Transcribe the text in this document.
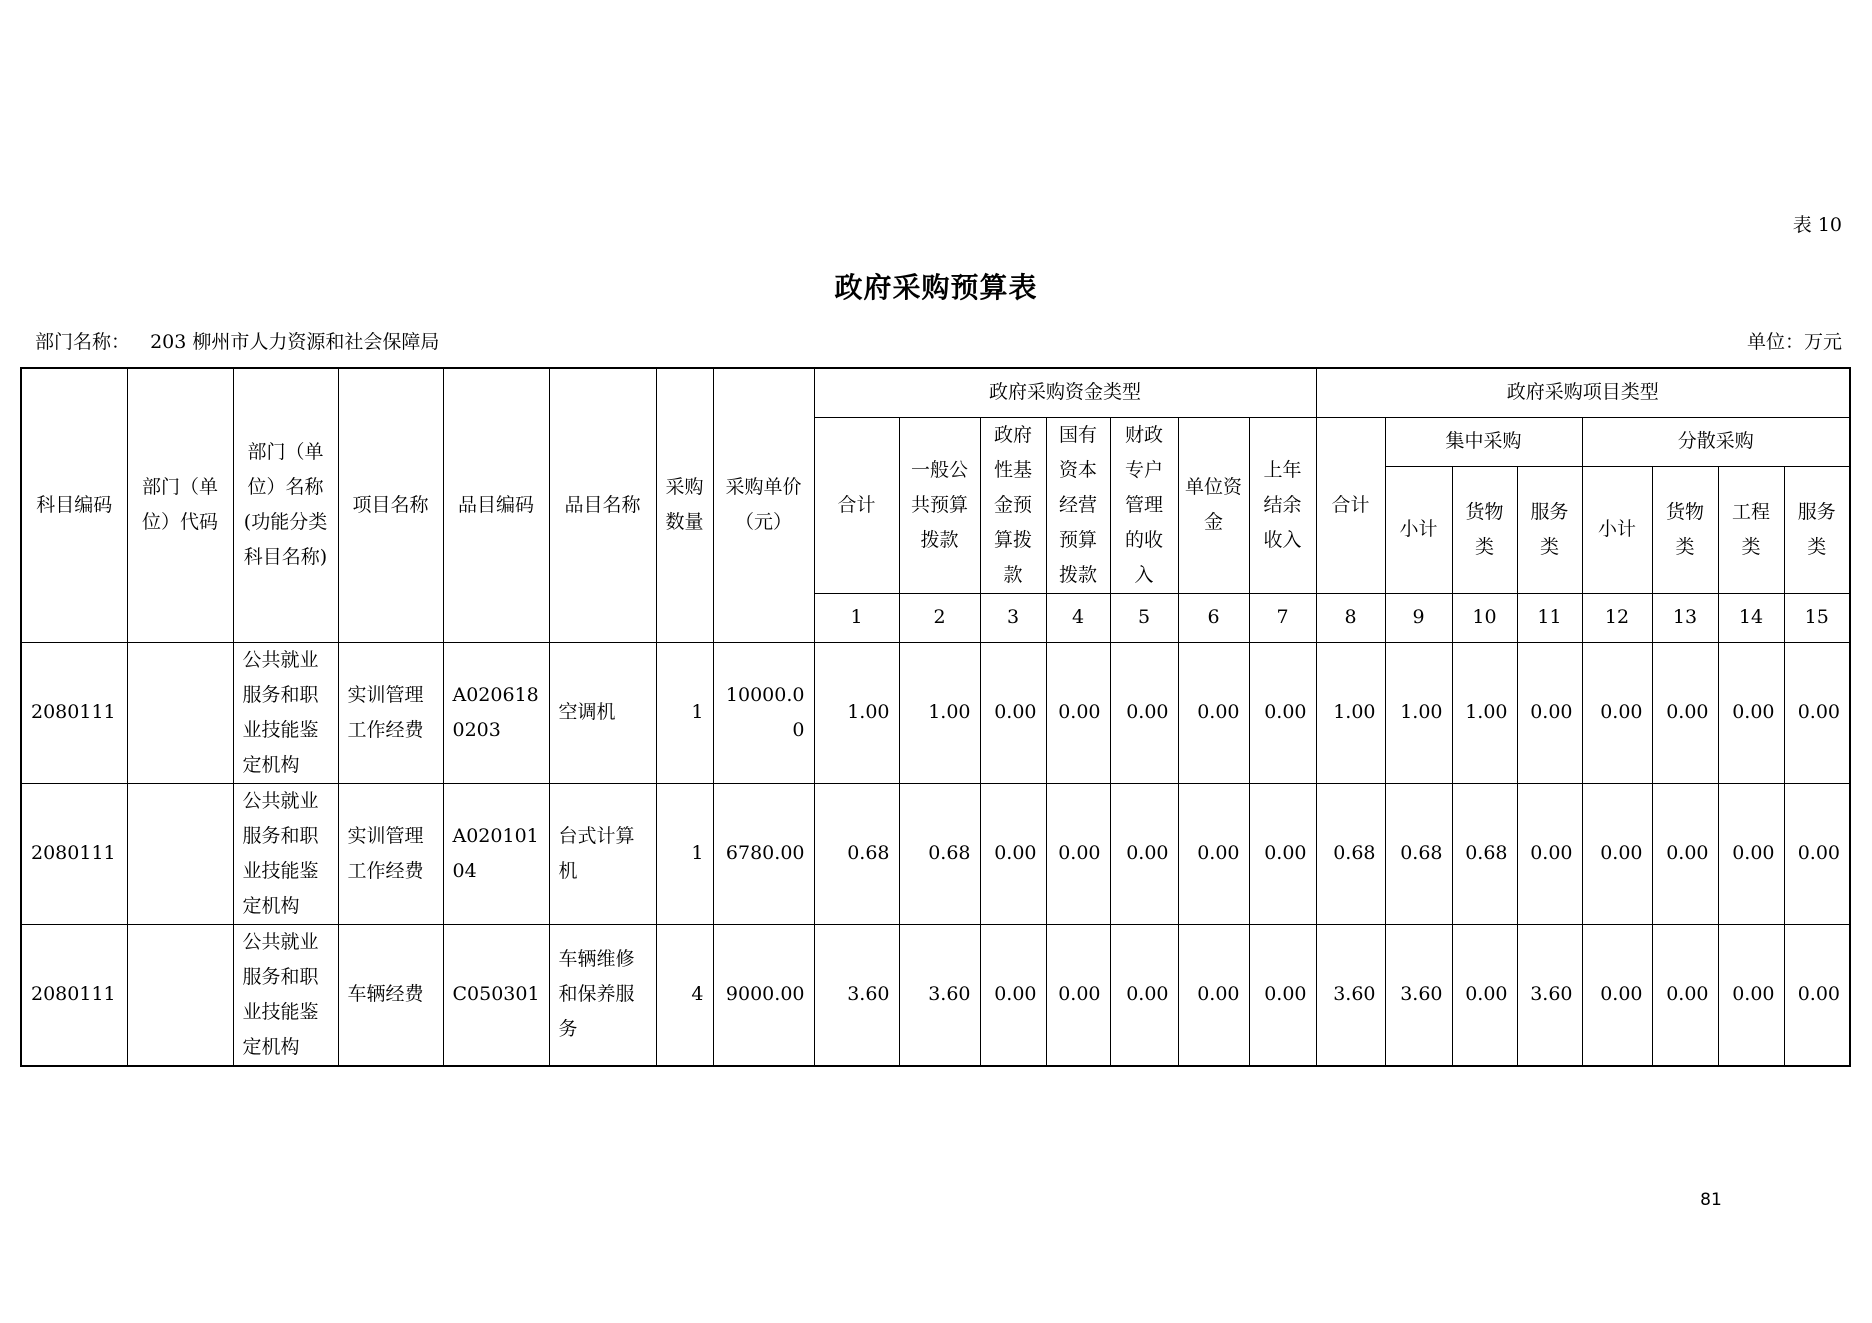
表 10
政府采购预算表
部门名称： 203 柳州市人力资源和社会保障局	单位：万元
科目编码	部门（单位）代码	部门（单位）名称(功能分类科目名称)	项目名称	品目编码	品目名称	采购数量	采购单价（元）	政府采购资金类型							政府采购项目类型							
								合计	一般公共预算拨款	政府性基金预算拨款	国有资本经营预算拨款	财政专户管理的收入	单位资金	上年结余收入	合计	集中采购			分散采购			
																小计	货物类	服务类	小计	货物类	工程类	服务类
								1	2	3	4	5	6	7	8	9	10	11	12	13	14	15
2080111		公共就业服务和职业技能鉴定机构	实训管理工作经费	A0206180203	空调机	1	10000.00	1.00	1.00	0.00	0.00	0.00	0.00	0.00	1.00	1.00	1.00	0.00	0.00	0.00	0.00	0.00
2080111		公共就业服务和职业技能鉴定机构	实训管理工作经费	A02010104	台式计算机	1	6780.00	0.68	0.68	0.00	0.00	0.00	0.00	0.00	0.68	0.68	0.68	0.00	0.00	0.00	0.00	0.00
2080111		公共就业服务和职业技能鉴定机构	车辆经费	C050301	车辆维修和保养服务	4	9000.00	3.60	3.60	0.00	0.00	0.00	0.00	0.00	3.60	3.60	0.00	3.60	0.00	0.00	0.00	0.00
81
